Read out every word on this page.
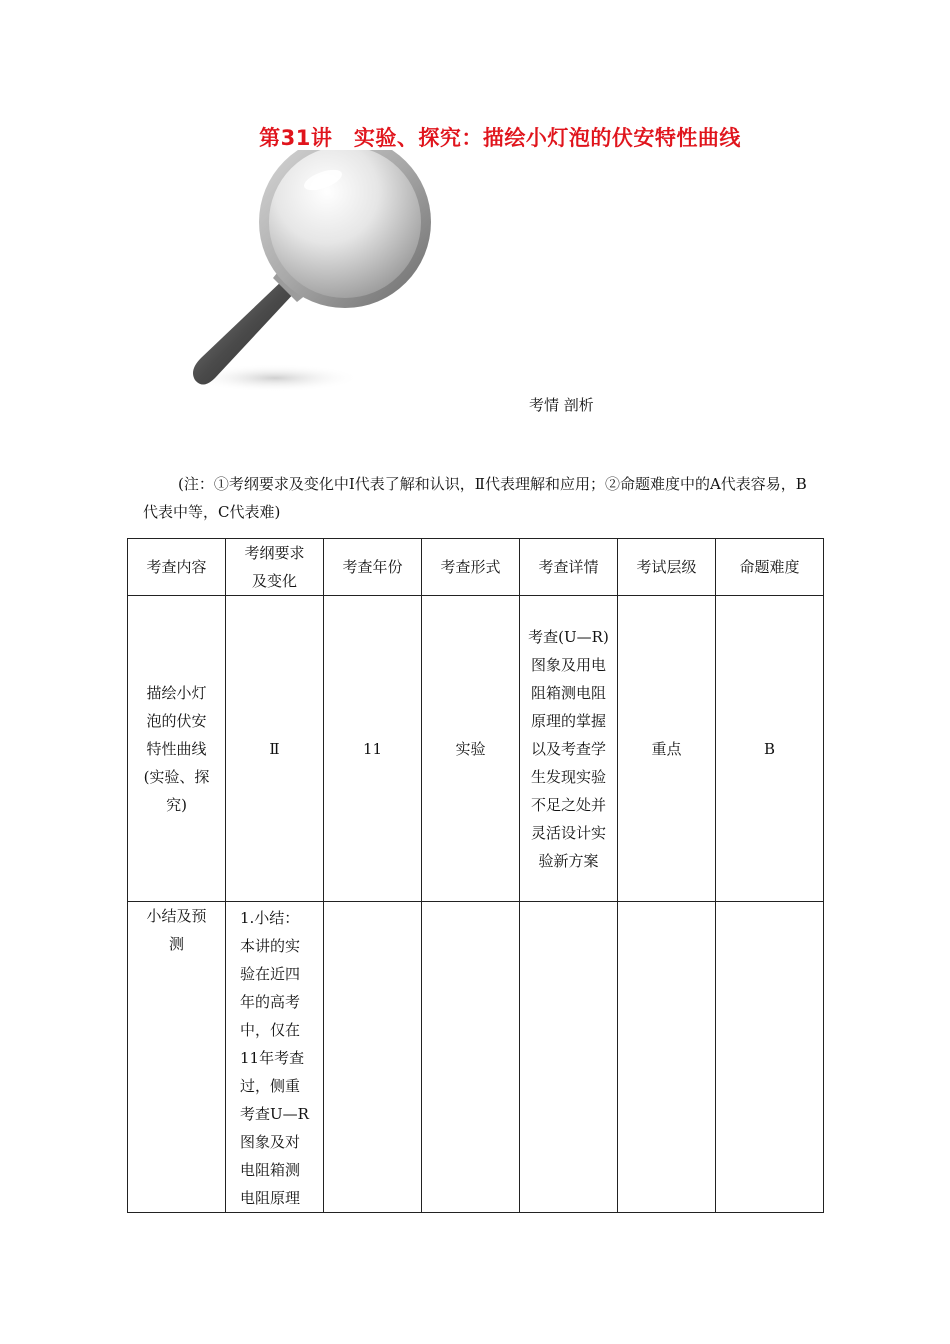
第31讲　实验、探究：描绘小灯泡的伏安特性曲线
考情 剖析
(注：①考纲要求及变化中Ⅰ代表了解和认识，Ⅱ代表理解和应用；②命题难度中的A代表容易，B代表中等，C代表难)
考查内容	考纲要求及变化	考查年份	考查形式	考查详情	考试层级	命题难度
描绘小灯泡的伏安特性曲线(实验、探究)	Ⅱ	11	实验	考查(U—R)图象及用电阻箱测电阻原理的掌握以及考查学生发现实验不足之处并灵活设计实验新方案	重点	B
小结及预测	1.小结：本讲的实验在近四年的高考中，仅在11年考查过，侧重考查U—R图象及对电阻箱测电阻原理					
